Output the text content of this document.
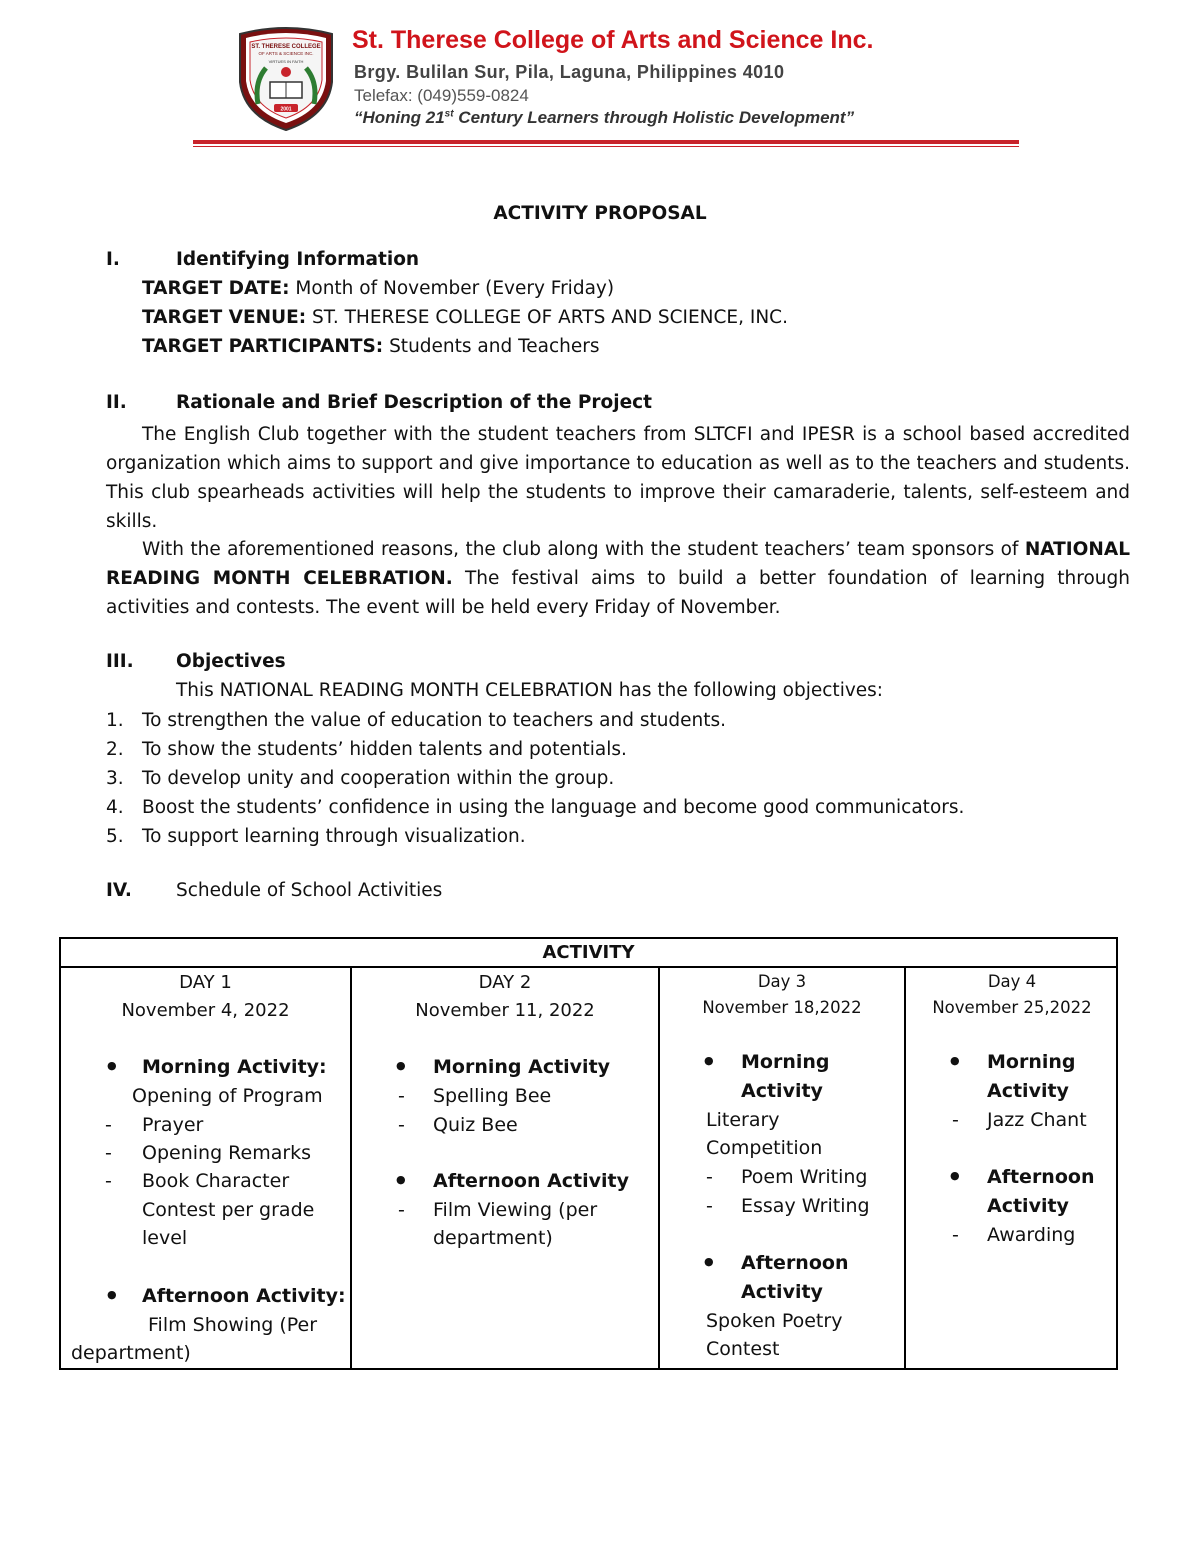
ST. THERESE COLLEGE
OF ARTS & SCIENCE INC.
VIRTUES IN FAITH
2001
St. Therese College of Arts and Science Inc.
Brgy. Bulilan Sur, Pila, Laguna, Philippines 4010
Telefax: (049)559-0824
“Honing 21st Century Learners through Holistic Development”
ACTIVITY PROPOSAL
I.	Identifying Information
TARGET DATE: Month of November (Every Friday)
TARGET VENUE: ST. THERESE COLLEGE OF ARTS AND SCIENCE, INC.
TARGET PARTICIPANTS: Students and Teachers
II.	Rationale and Brief Description of the Project
The English Club together with the student teachers from SLTCFI and IPESR is a school based accredited organization which aims to support and give importance to education as well as to the teachers and students. This club spearheads activities will help the students to improve their camaraderie, talents, self-esteem and skills.
With the aforementioned reasons, the club along with the student teachers’ team sponsors of NATIONAL READING MONTH CELEBRATION. The festival aims to build a better foundation of learning through activities and contests. The event will be held every Friday of November.
III. Objectives
This NATIONAL READING MONTH CELEBRATION has the following objectives:
1. To strengthen the value of education to teachers and students.
2. To show the students’ hidden talents and potentials.
3. To develop unity and cooperation within the group.
4. Boost the students’ confidence in using the language and become good communicators.
5. To support learning through visualization.
IV. Schedule of School Activities
ACTIVITY
DAY 1
November 4, 2022
● Morning Activity:
Opening of Program
- Prayer
- Opening Remarks
- Book Character
Contest per grade
level
● Afternoon Activity:
Film Showing (Per
department)
DAY 2
November 11, 2022
● Morning Activity
- Spelling Bee
- Quiz Bee
● Afternoon Activity
- Film Viewing (per
department)
Day 3
November 18,2022
● Morning
Activity
Literary
Competition
- Poem Writing
- Essay Writing
● Afternoon
Activity
Spoken Poetry
Contest
Day 4
November 25,2022
● Morning
Activity
- Jazz Chant
● Afternoon
Activity
- Awarding
